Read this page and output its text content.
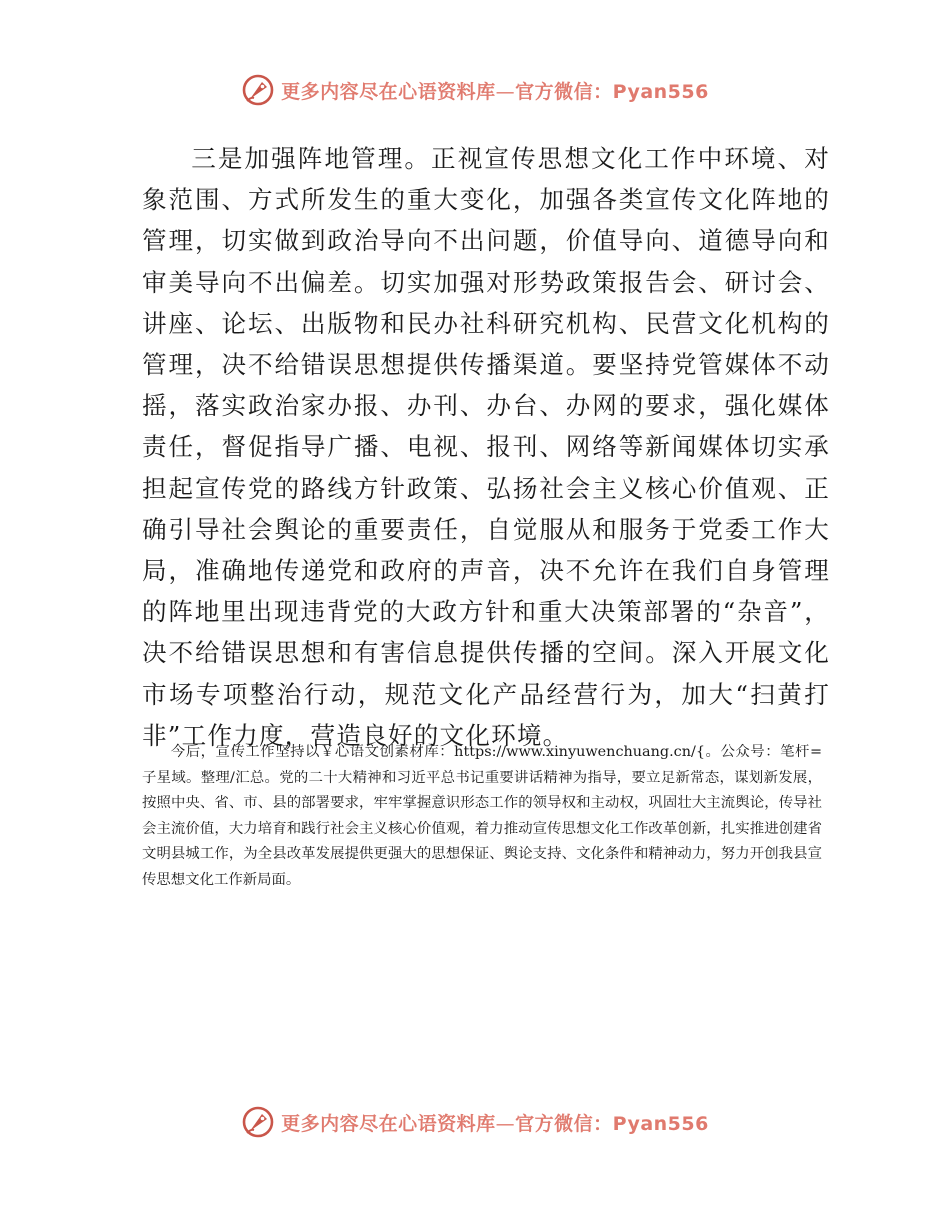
更多内容尽在心语资料库—官方微信：Pyan556

三是加强阵地管理。正视宣传思想文化工作中环境、对象范围、方式所发生的重大变化，加强各类宣传文化阵地的管理，切实做到政治导向不出问题，价值导向、道德导向和审美导向不出偏差。切实加强对形势政策报告会、研讨会、讲座、论坛、出版物和民办社科研究机构、民营文化机构的管理，决不给错误思想提供传播渠道。要坚持党管媒体不动摇，落实政治家办报、办刊、办台、办网的要求，强化媒体责任，督促指导广播、电视、报刊、网络等新闻媒体切实承担起宣传党的路线方针政策、弘扬社会主义核心价值观、正确引导社会舆论的重要责任，自觉服从和服务于党委工作大局，准确地传递党和政府的声音，决不允许在我们自身管理的阵地里出现违背党的大政方针和重大决策部署的“杂音”，决不给错误思想和有害信息提供传播的空间。深入开展文化市场专项整治行动，规范文化产品经营行为，加大“扫黄打非”工作力度，营造良好的文化环境。

今后，宣传工作坚持以￥心语文创素材库：https://www.xinyuwenchuang.cn/{。公众号：笔杆=子星域。整理/汇总。党的二十大精神和习近平总书记重要讲话精神为指导，要立足新常态，谋划新发展，按照中央、省、市、县的部署要求，牢牢掌握意识形态工作的领导权和主动权，巩固壮大主流舆论，传导社会主流价值，大力培育和践行社会主义核心价值观，着力推动宣传思想文化工作改革创新，扎实推进创建省文明县城工作，为全县改革发展提供更强大的思想保证、舆论支持、文化条件和精神动力，努力开创我县宣传思想文化工作新局面。

更多内容尽在心语资料库—官方微信：Pyan556
